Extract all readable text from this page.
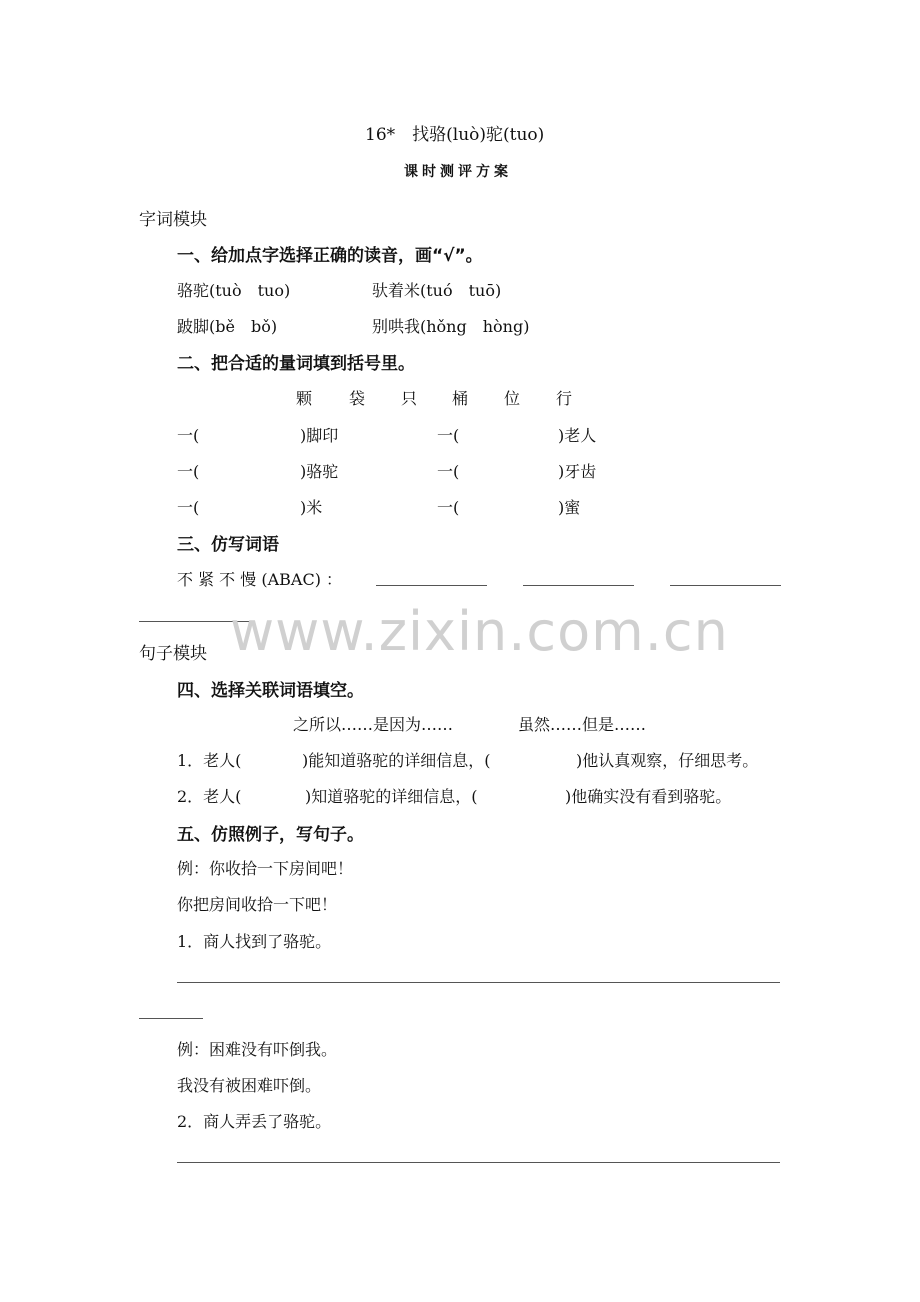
16*　找骆(luò)驼(tuo)
课时测评方案
字词模块
一、给加点字选择正确的读音，画“√”。
骆驼(tuò　tuo)	驮着米(tuó　tuō)
跛脚(bě　bǒ)	别哄我(hǒng　hòng)
二、把合适的量词填到括号里。
颗 袋 只 桶 位 行
一(	)脚印	一(	)老人
一(	)骆驼	一(	)牙齿
一(	)米	一(	)蜜
三、仿写词语
不 紧 不 慢 (ABAC) ：
www.zixin.com.cn
句子模块
四、选择关联词语填空。
之所以……是因为……	虽然……但是……
1．老人(	)能知道骆驼的详细信息，(	)他认真观察，仔细思考。
2．老人(	)知道骆驼的详细信息，(	)他确实没有看到骆驼。
五、仿照例子，写句子。
例：你收拾一下房间吧！
你把房间收拾一下吧！
1．商人找到了骆驼。
例：困难没有吓倒我。
我没有被困难吓倒。
2．商人弄丢了骆驼。
